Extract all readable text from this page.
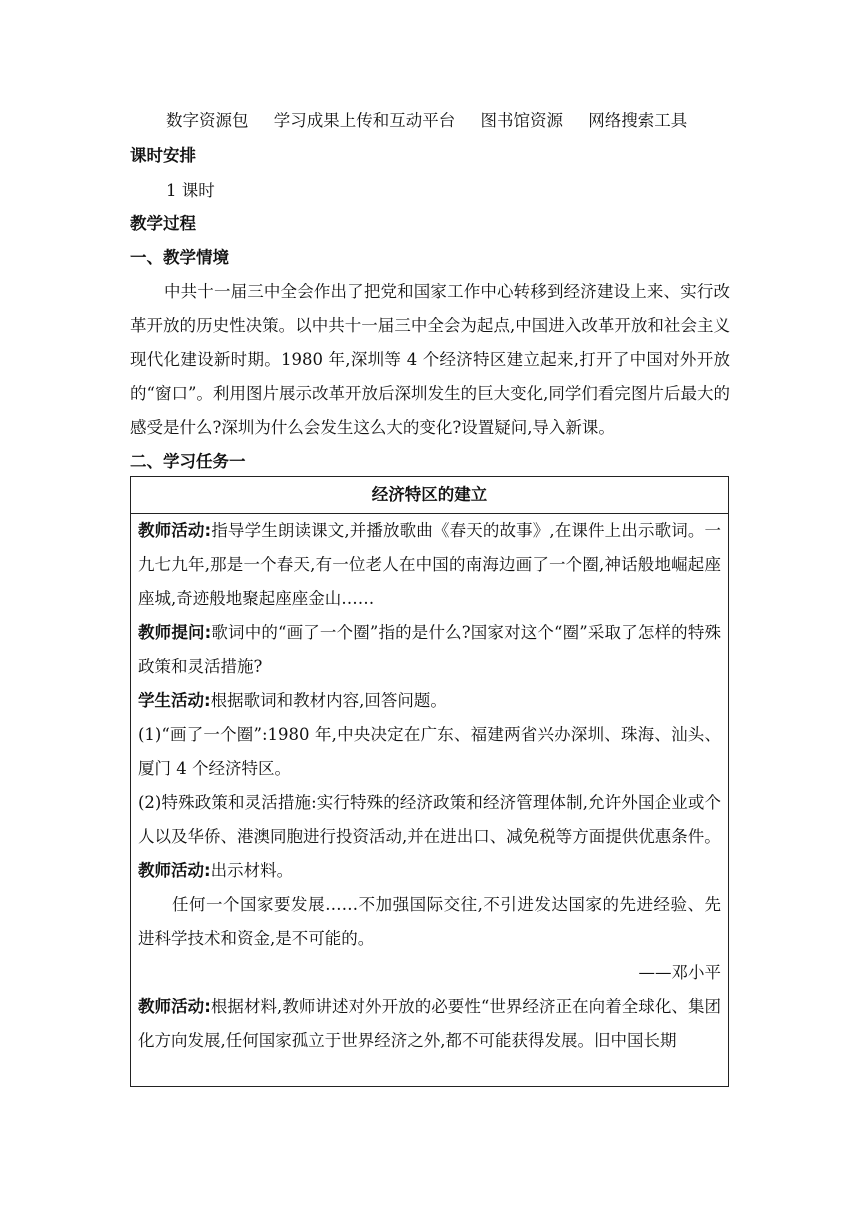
数字资源包 学习成果上传和互动平台 图书馆资源 网络搜索工具
课时安排
1 课时
教学过程
一、教学情境

中共十一届三中全会作出了把党和国家工作中心转移到经济建设上来、实行改革开放的历史性决策。以中共十一届三中全会为起点,中国进入改革开放和社会主义现代化建设新时期。1980 年,深圳等 4 个经济特区建立起来,打开了中国对外开放的“窗口”。利用图片展示改革开放后深圳发生的巨大变化,同学们看完图片后最大的感受是什么?深圳为什么会发生这么大的变化?设置疑问,导入新课。

二、学习任务一
经济特区的建立

教师活动:指导学生朗读课文,并播放歌曲《春天的故事》,在课件上出示歌词。一九七九年,那是一个春天,有一位老人在中国的南海边画了一个圈,神话般地崛起座座城,奇迹般地聚起座座金山……

教师提问:歌词中的“画了一个圈”指的是什么?国家对这个“圈”采取了怎样的特殊政策和灵活措施?

学生活动:根据歌词和教材内容,回答问题。

(1)“画了一个圈”:1980 年,中央决定在广东、福建两省兴办深圳、珠海、汕头、厦门 4 个经济特区。

(2)特殊政策和灵活措施:实行特殊的经济政策和经济管理体制,允许外国企业或个人以及华侨、港澳同胞进行投资活动,并在进出口、减免税等方面提供优惠条件。

教师活动:出示材料。

任何一个国家要发展……不加强国际交往,不引进发达国家的先进经验、先进科学技术和资金,是不可能的。

——邓小平

教师活动:根据材料,教师讲述对外开放的必要性“世界经济正在向着全球化、集团化方向发展,任何国家孤立于世界经济之外,都不可能获得发展。旧中国长期
